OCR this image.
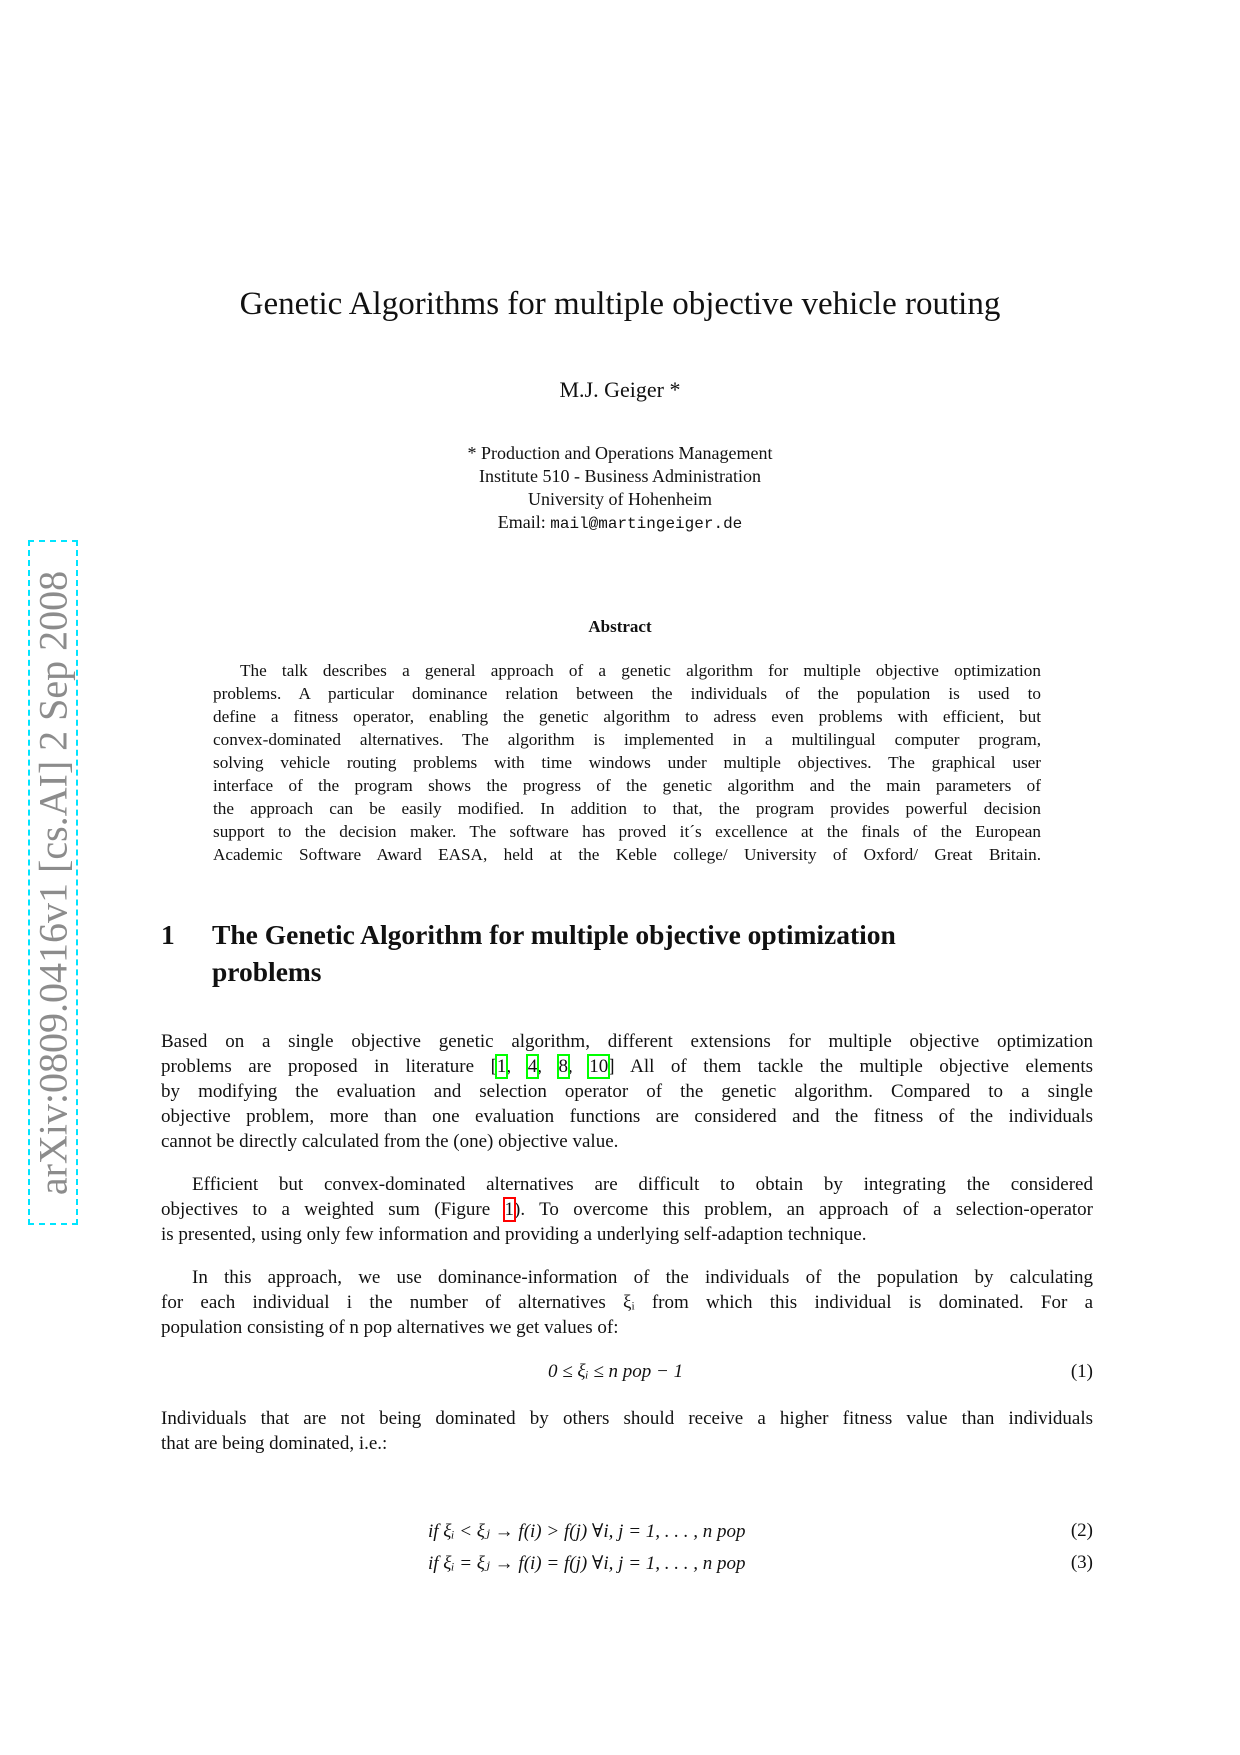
arXiv:0809.0416v1 [cs.AI] 2 Sep 2008
Genetic Algorithms for multiple objective vehicle routing
M.J. Geiger *
* Production and Operations Management
Institute 510 - Business Administration
University of Hohenheim
Email: mail@martingeiger.de
Abstract
The talk describes a general approach of a genetic algorithm for multiple objective optimization
problems. A particular dominance relation between the individuals of the population is used to
define a fitness operator, enabling the genetic algorithm to adress even problems with efficient, but
convex-dominated alternatives. The algorithm is implemented in a multilingual computer program,
solving vehicle routing problems with time windows under multiple objectives. The graphical user
interface of the program shows the progress of the genetic algorithm and the main parameters of
the approach can be easily modified. In addition to that, the program provides powerful decision
support to the decision maker. The software has proved it´s excellence at the finals of the European
Academic Software Award EASA, held at the Keble college/ University of Oxford/ Great Britain.
1 The Genetic Algorithm for multiple objective optimization
problems
Based on a single objective genetic algorithm, different extensions for multiple objective optimization
problems are proposed in literature [1, 4, 8, 10] All of them tackle the multiple objective elements
by modifying the evaluation and selection operator of the genetic algorithm. Compared to a single
objective problem, more than one evaluation functions are considered and the fitness of the individuals
cannot be directly calculated from the (one) objective value.
Efficient but convex-dominated alternatives are difficult to obtain by integrating the considered
objectives to a weighted sum (Figure 1). To overcome this problem, an approach of a selection-operator
is presented, using only few information and providing a underlying self-adaption technique.
In this approach, we use dominance-information of the individuals of the population by calculating
for each individual i the number of alternatives ξᵢ from which this individual is dominated. For a
population consisting of n pop alternatives we get values of:
0 ≤ ξᵢ ≤ n pop − 1	(1)
Individuals that are not being dominated by others should receive a higher fitness value than individuals
that are being dominated, i.e.:
if ξᵢ < ξⱼ → f(i) > f(j) ∀i, j = 1, . . . , n pop	(2)
if ξᵢ = ξⱼ → f(i) = f(j) ∀i, j = 1, . . . , n pop	(3)
